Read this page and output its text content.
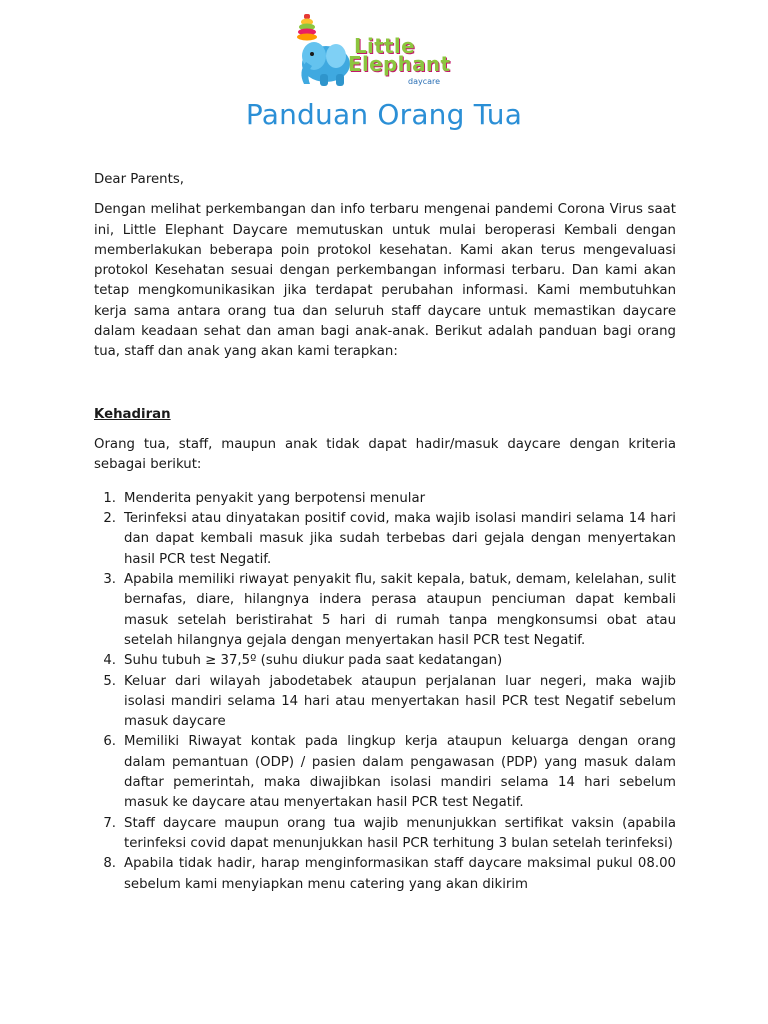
Little
Elephant
daycare
Panduan Orang Tua

Dear Parents,

Dengan melihat perkembangan dan info terbaru mengenai pandemi Corona Virus saat ini, Little Elephant Daycare memutuskan untuk mulai beroperasi Kembali dengan memberlakukan beberapa poin protokol kesehatan. Kami akan terus mengevaluasi protokol Kesehatan sesuai dengan perkembangan informasi terbaru. Dan kami akan tetap mengkomunikasikan jika terdapat perubahan informasi. Kami membutuhkan kerja sama antara orang tua dan seluruh staff daycare untuk memastikan daycare dalam keadaan sehat dan aman bagi anak-anak. Berikut adalah panduan bagi orang tua, staff dan anak yang akan kami terapkan:

Kehadiran

Orang tua, staff, maupun anak tidak dapat hadir/masuk daycare dengan kriteria sebagai berikut:

1. Menderita penyakit yang berpotensi menular
2. Terinfeksi atau dinyatakan positif covid, maka wajib isolasi mandiri selama 14 hari dan dapat kembali masuk jika sudah terbebas dari gejala dengan menyertakan hasil PCR test Negatif.
3. Apabila memiliki riwayat penyakit flu, sakit kepala, batuk, demam, kelelahan, sulit bernafas, diare, hilangnya indera perasa ataupun penciuman dapat kembali masuk setelah beristirahat 5 hari di rumah tanpa mengkonsumsi obat atau setelah hilangnya gejala dengan menyertakan hasil PCR test Negatif.
4. Suhu tubuh ≥ 37,5º (suhu diukur pada saat kedatangan)
5. Keluar dari wilayah jabodetabek ataupun perjalanan luar negeri, maka wajib isolasi mandiri selama 14 hari atau menyertakan hasil PCR test Negatif sebelum masuk daycare
6. Memiliki Riwayat kontak pada lingkup kerja ataupun keluarga dengan orang dalam pemantuan (ODP) / pasien dalam pengawasan (PDP) yang masuk dalam daftar pemerintah, maka diwajibkan isolasi mandiri selama 14 hari sebelum masuk ke daycare atau menyertakan hasil PCR test Negatif.
7. Staff daycare maupun orang tua wajib menunjukkan sertifikat vaksin (apabila terinfeksi covid dapat menunjukkan hasil PCR terhitung 3 bulan setelah terinfeksi)
8. Apabila tidak hadir, harap menginformasikan staff daycare maksimal pukul 08.00 sebelum kami menyiapkan menu catering yang akan dikirim
